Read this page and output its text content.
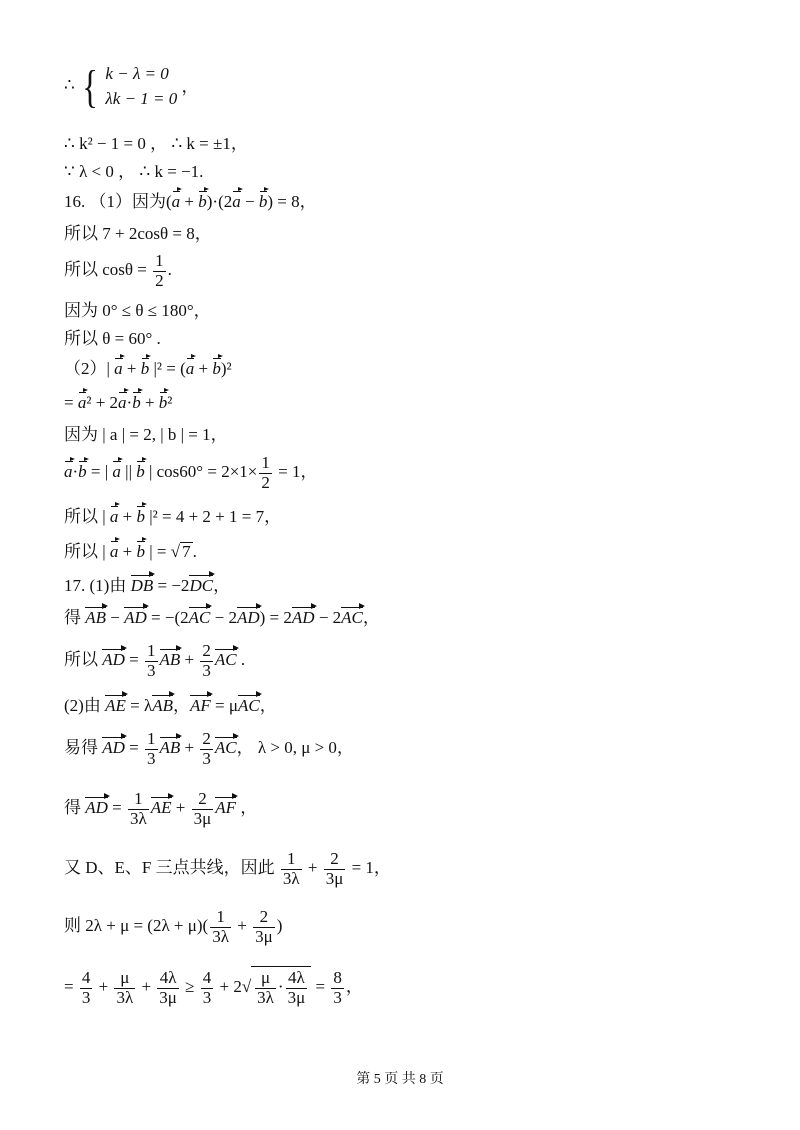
∴ { k − λ = 0
λk − 1 = 0
，
∴ k² − 1 = 0 ， ∴ k = ±1，
∵ λ < 0 ， ∴ k = −1.
16. （1）因为(a + b)·(2a − b) = 8，
所以 7 + 2cosθ = 8，
所以 $\cos\theta = \frac{1}{2}$ .
因为 0° ≤ θ ≤ 180°，
所以 θ = 60° .
（2）| a + b |² = (a + b)²
= a² + 2a·b + b²
因为 | a | = 2, | b | = 1，
a·b = | a || b | $\cos 60^\circ = 2\times 1\times \frac{1}{2} = 1$，
所以 | a + b |² = 4 + 2 + 1 = 7，
所以 | a + b | = √ 7 .
17. (1)由 DB = −2DC，
得 AB − AD = −(2AC − 2AD) = 2AD − 2AC，
所以 AD = $\frac{1}{3}$ AB + $\frac{2}{3}$ AC .
(2)由 AE = λAB，AF = μAC，
易得 AD = $\frac{1}{3}$ AB + $\frac{2}{3}$ AC， λ > 0, μ > 0，
得 AD = $\frac{1}{3\lambda}$ AE + $\frac{2}{3\mu}$ AF ，
又 D、E、F 三点共线，因此 $\frac{1}{3\lambda} + \frac{2}{3\mu} = 1$，
则 $2\lambda + \mu = (2\lambda + \mu)( \frac{1}{3\lambda} + \frac{2}{3\mu}$ )
= $\frac{4}{3} + \frac{\mu}{3\lambda} + \frac{4\lambda}{3\mu} \ge \frac{4}{3} + 2√ \frac{\mu}{3\lambda} \cdot \frac{4\lambda}{3\mu} = \frac{8}{3}$ ，
第 5 页 共 8 页
